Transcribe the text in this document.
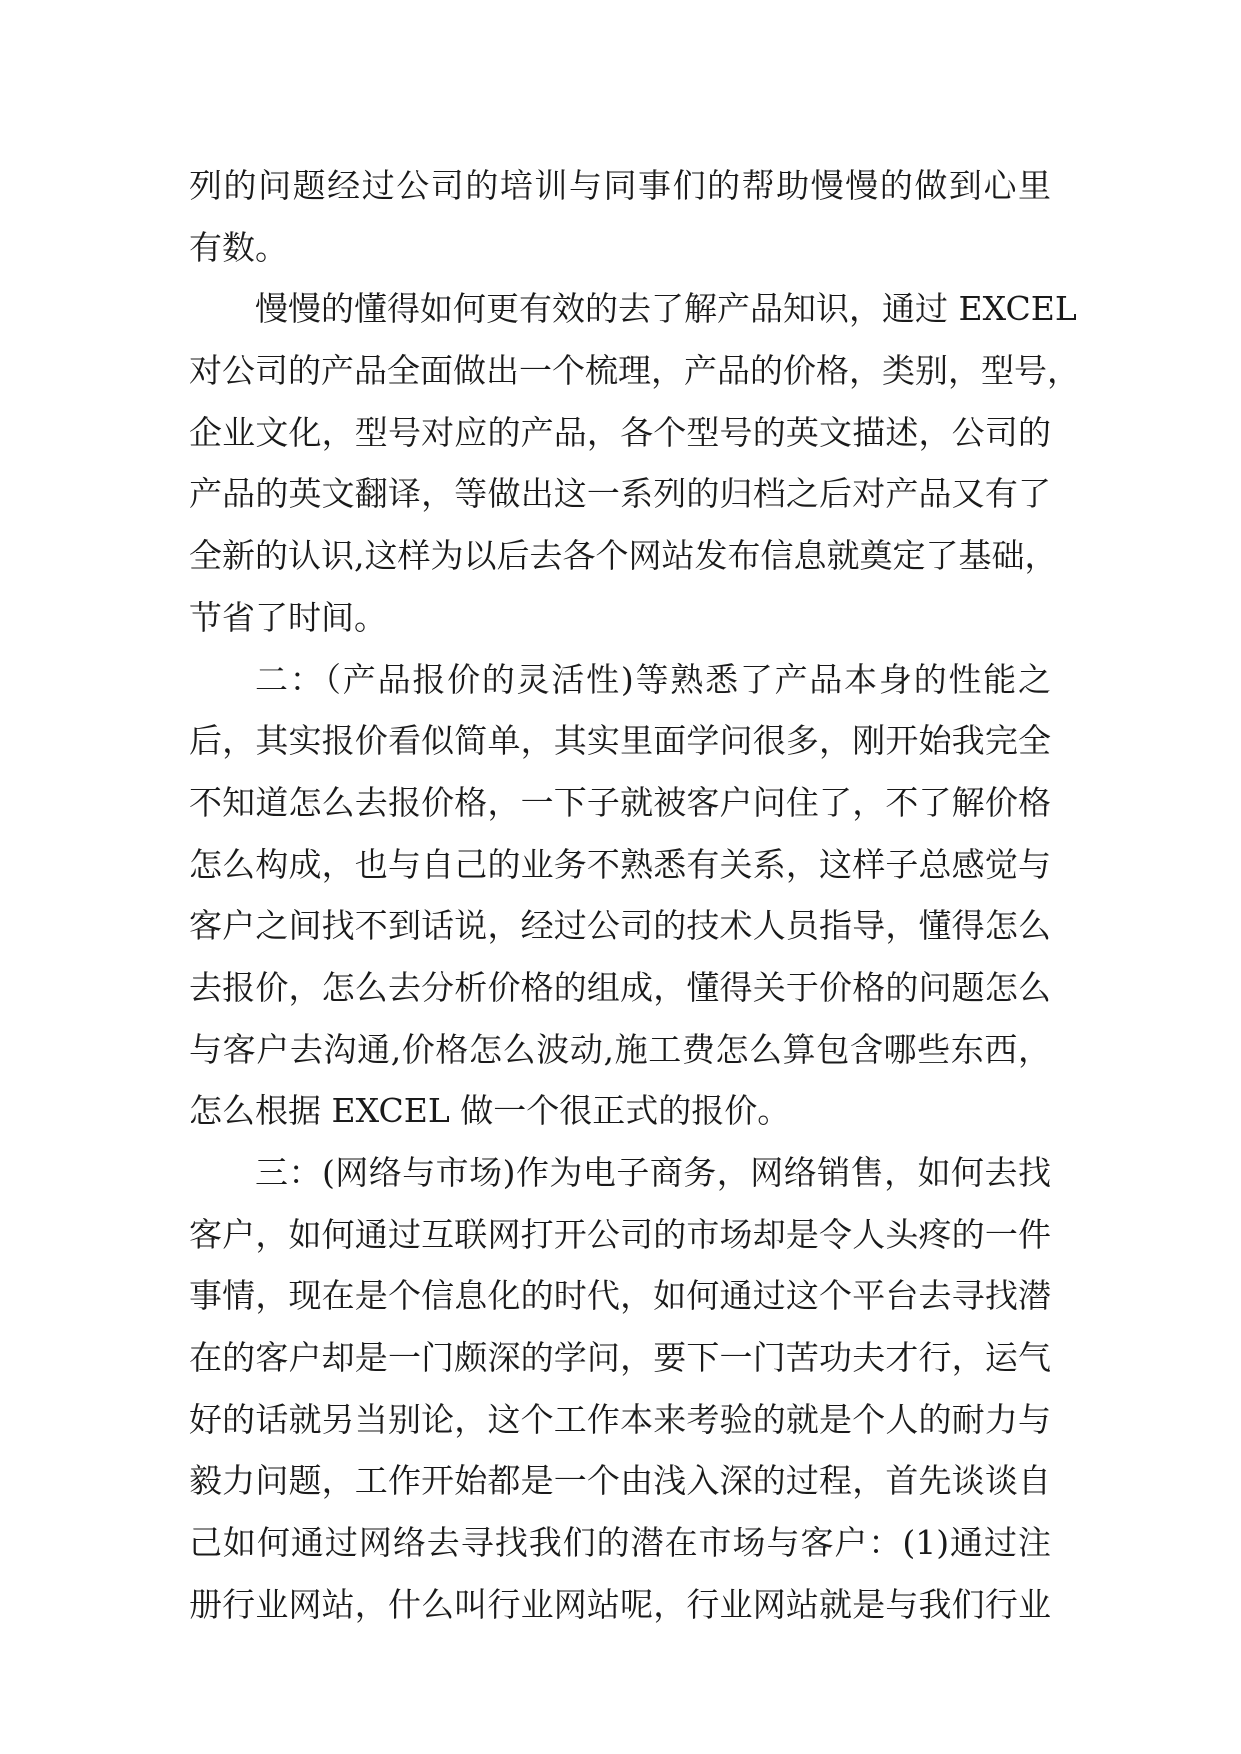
列的问题经过公司的培训与同事们的帮助慢慢的做到心里
有数。
慢慢的懂得如何更有效的去了解产品知识，通过 EXCEL
对公司的产品全面做出一个梳理，产品的价格，类别，型号，
企业文化，型号对应的产品，各个型号的英文描述，公司的
产品的英文翻译，等做出这一系列的归档之后对产品又有了
全新的认识,这样为以后去各个网站发布信息就奠定了基础，
节省了时间。
二：（产品报价的灵活性)等熟悉了产品本身的性能之
后，其实报价看似简单，其实里面学问很多，刚开始我完全
不知道怎么去报价格，一下子就被客户问住了，不了解价格
怎么构成，也与自己的业务不熟悉有关系，这样子总感觉与
客户之间找不到话说，经过公司的技术人员指导，懂得怎么
去报价，怎么去分析价格的组成，懂得关于价格的问题怎么
与客户去沟通,价格怎么波动,施工费怎么算包含哪些东西，
怎么根据 EXCEL 做一个很正式的报价。
三：(网络与市场)作为电子商务，网络销售，如何去找
客户，如何通过互联网打开公司的市场却是令人头疼的一件
事情，现在是个信息化的时代，如何通过这个平台去寻找潜
在的客户却是一门颇深的学问，要下一门苦功夫才行，运气
好的话就另当别论，这个工作本来考验的就是个人的耐力与
毅力问题，工作开始都是一个由浅入深的过程，首先谈谈自
己如何通过网络去寻找我们的潜在市场与客户：(1)通过注
册行业网站，什么叫行业网站呢，行业网站就是与我们行业
